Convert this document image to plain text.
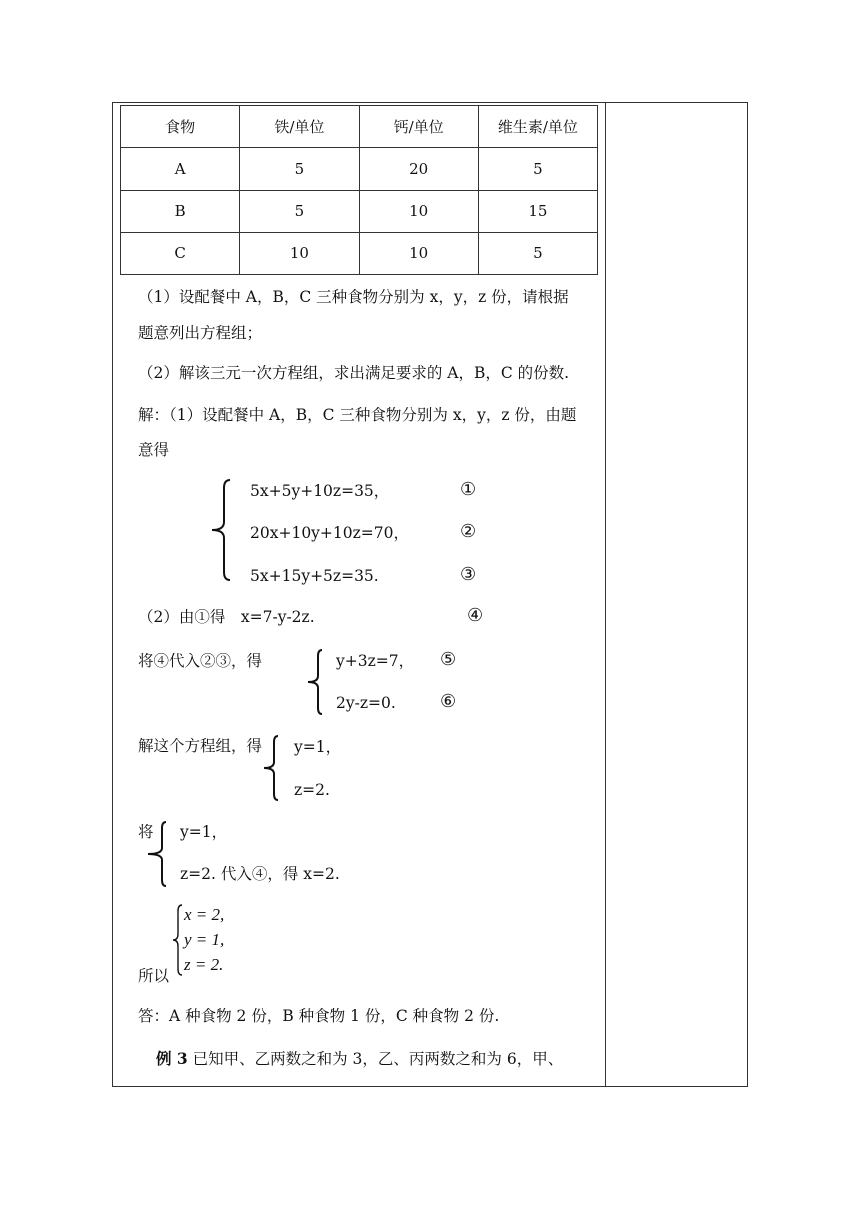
食物	铁/单位	钙/单位	维生素/单位
A	5	20	5
B	5	10	15
C	10	10	5
（1）设配餐中 A，B，C 三种食物分别为 x，y，z 份，请根据
题意列出方程组；
（2）解该三元一次方程组，求出满足要求的 A，B，C 的份数.
解：（1）设配餐中 A，B，C 三种食物分别为 x，y，z 份，由题
意得
5x+5y+10z=35，	①
20x+10y+10z=70，	②
5x+15y+5z=35.	③
（2）由①得　x=7-y-2z.	④
将④代入②③，得	y+3z=7， ⑤
2y-z=0. ⑥
解这个方程组，得 y=1，
z=2.
将 y=1，
z=2. 代入④，得 x=2.
所以
x = 2,
y = 1,
z = 2.
答：A 种食物 2 份，B 种食物 1 份，C 种食物 2 份.
例 3 已知甲、乙两数之和为 3，乙、丙两数之和为 6，甲、
